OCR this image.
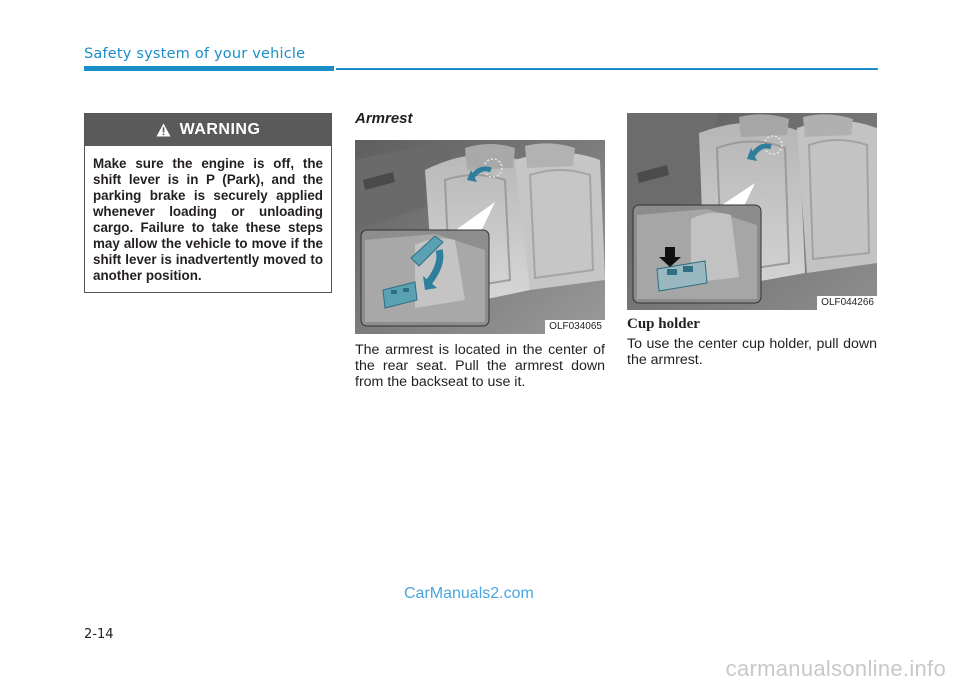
Safety system of your vehicle
WARNING
Make sure the engine is off, the shift lever is in P (Park), and the parking brake is securely applied whenever loading or unloading cargo. Failure to take these steps may allow the vehicle to move if the shift lever is inadvertently moved to another position.
Armrest
OLF034065
The armrest is located in the center of the rear seat. Pull the armrest down from the backseat to use it.
OLF044266
Cup holder
To use the center cup holder, pull down the armrest.
2-14
CarManuals2.com
carmanualsonline.info
